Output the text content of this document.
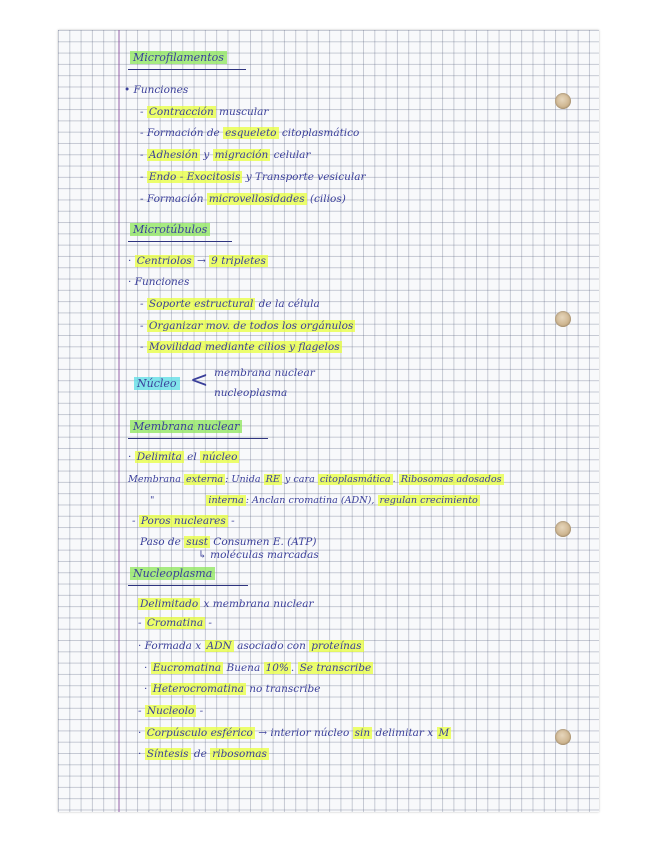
Microfilamentos
• Funciones
- Contracción muscular
- Formación de esqueleto citoplasmático
- Adhesión y migración celular
- Endo - Exocitosis y Transporte vesicular
- Formación microvellosidades (cilios)
Microtúbulos
· Centriolos → 9 tripletes
· Funciones
- Soporte estructural de la célula
- Organizar mov. de todos los orgánulos
- Movilidad mediante cilios y flagelos
Núcleo < membrana nuclear
nucleoplasma
Membrana nuclear
· Delimita el núcleo
Membrana externa : Unida RE y cara citoplasmática . Ribosomas adosados
"	interna : Anclan cromatina (ADN), regulan crecimiento
- Poros nucleares -
Paso de sust Consumen E. (ATP)
↳ moléculas marcadas
Nucleoplasma
Delimitado x membrana nuclear
- Cromatina -
· Formada x ADN asociado con proteínas
· Eucromatina Buena 10% . Se transcribe
· Heterocromatina no transcribe
- Nucleolo -
· Corpúsculo esférico → interior núcleo sin delimitar x M
· Síntesis de ribosomas
